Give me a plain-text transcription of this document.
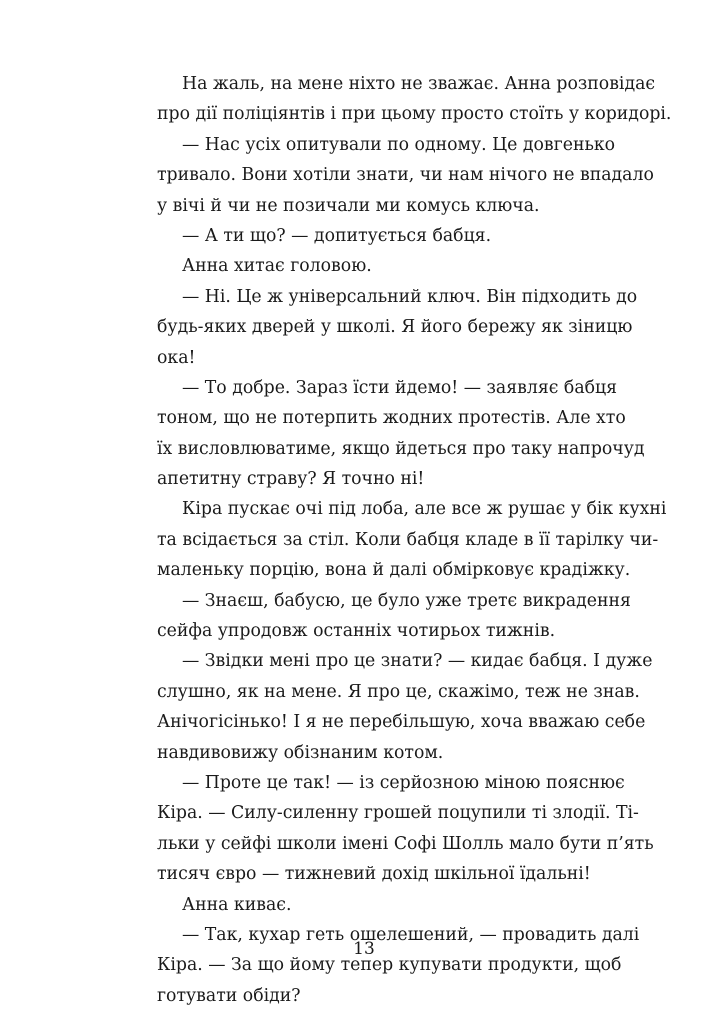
На жаль, на мене ніхто не зважає. Анна розповідає
про дії поліціянтів і при цьому просто стоїть у коридорі.
— Нас усіх опитували по одному. Це довгенько
тривало. Вони хотіли знати, чи нам нічого не впадало
у вічі й чи не позичали ми комусь ключа.
— А ти що? — допитується бабця.
Анна хитає головою.
— Ні. Це ж універсальний ключ. Він підходить до
будь-яких дверей у школі. Я його бережу як зіницю
ока!
— То добре. Зараз їсти йдемо! — заявляє бабця
тоном, що не потерпить жодних протестів. Але хто
їх висловлюватиме, якщо йдеться про таку напрочуд
апетитну страву? Я точно ні!
Кіра пускає очі під лоба, але все ж рушає у бік кухні
та всідається за стіл. Коли бабця кладе в її тарілку чи-
маленьку порцію, вона й далі обмірковує крадіжку.
— Знаєш, бабусю, це було уже третє викрадення
сейфа упродовж останніх чотирьох тижнів.
— Звідки мені про це знати? — кидає бабця. І дуже
слушно, як на мене. Я про це, скажімо, теж не знав.
Анічогісінько! І я не перебільшую, хоча вважаю себе
навдивовижу обізнаним котом.
— Проте це так! — із серйозною міною пояснює
Кіра. — Силу-силенну грошей поцупили ті злодії. Ті-
льки у сейфі школи імені Софі Шолль мало бути п’ять
тисяч євро — тижневий дохід шкільної їдальні!
Анна киває.
— Так, кухар геть ошелешений, — провадить далі
Кіра. — За що йому тепер купувати продукти, щоб
готувати обіди?
13
